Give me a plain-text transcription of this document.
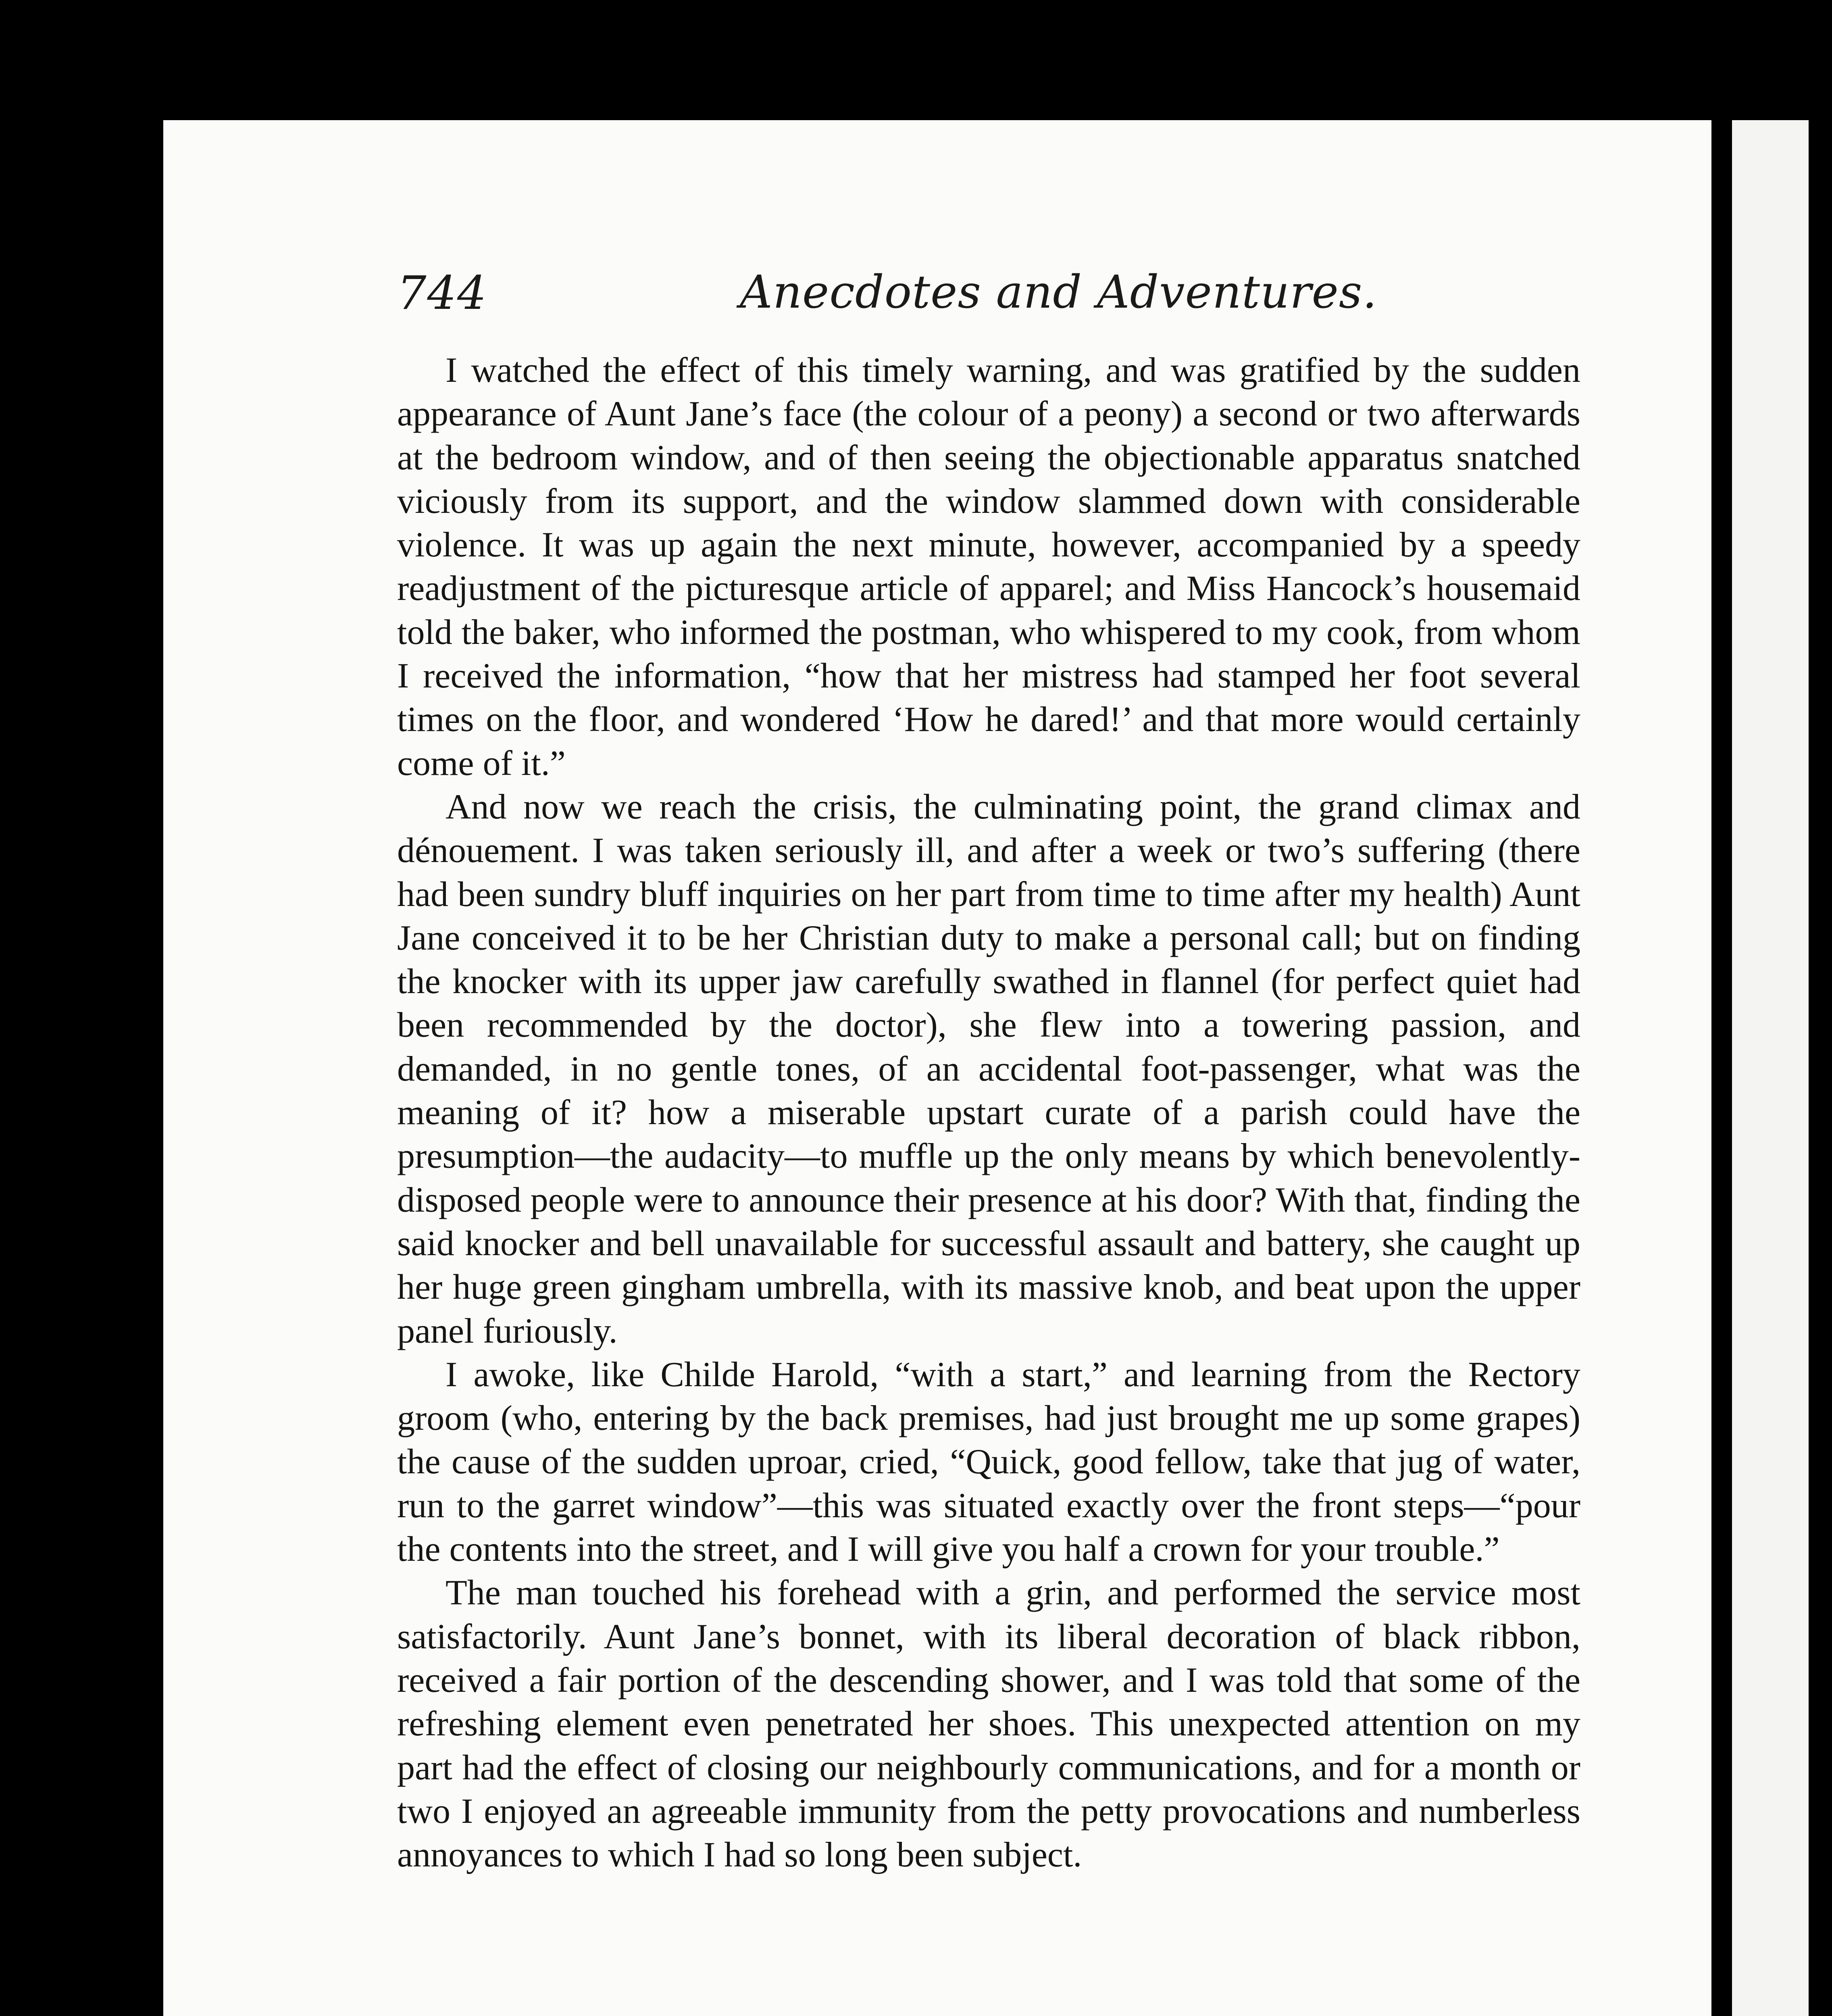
744	Anecdotes and Adventures.

I watched the effect of this timely warning, and was gratified by the sudden appearance of Aunt Jane’s face (the colour of a peony) a second or two afterwards at the bedroom window, and of then seeing the objectionable apparatus snatched viciously from its support, and the window slammed down with considerable violence. It was up again the next minute, however, accompanied by a speedy readjustment of the picturesque article of apparel; and Miss Hancock’s housemaid told the baker, who informed the postman, who whispered to my cook, from whom I received the information, “how that her mistress had stamped her foot several times on the floor, and wondered ‘How he dared!’ and that more would certainly come of it.”

And now we reach the crisis, the culminating point, the grand climax and dénouement. I was taken seriously ill, and after a week or two’s suffering (there had been sundry bluff inquiries on her part from time to time after my health) Aunt Jane conceived it to be her Christian duty to make a personal call; but on finding the knocker with its upper jaw carefully swathed in flannel (for perfect quiet had been recommended by the doctor), she flew into a towering passion, and demanded, in no gentle tones, of an accidental foot-passenger, what was the meaning of it? how a miserable upstart curate of a parish could have the presumption—the audacity—to muffle up the only means by which benevolently-disposed people were to announce their presence at his door? With that, finding the said knocker and bell unavailable for successful assault and battery, she caught up her huge green gingham umbrella, with its massive knob, and beat upon the upper panel furiously.

I awoke, like Childe Harold, “with a start,” and learning from the Rectory groom (who, entering by the back premises, had just brought me up some grapes) the cause of the sudden uproar, cried, “Quick, good fellow, take that jug of water, run to the garret window”—this was situated exactly over the front steps—“pour the contents into the street, and I will give you half a crown for your trouble.”

The man touched his forehead with a grin, and performed the service most satisfactorily. Aunt Jane’s bonnet, with its liberal decoration of black ribbon, received a fair portion of the descending shower, and I was told that some of the refreshing element even penetrated her shoes. This unexpected attention on my part had the effect of closing our neighbourly communications, and for a month or two I enjoyed an agreeable immunity from the petty provocations and numberless annoyances to which I had so long been subject.
